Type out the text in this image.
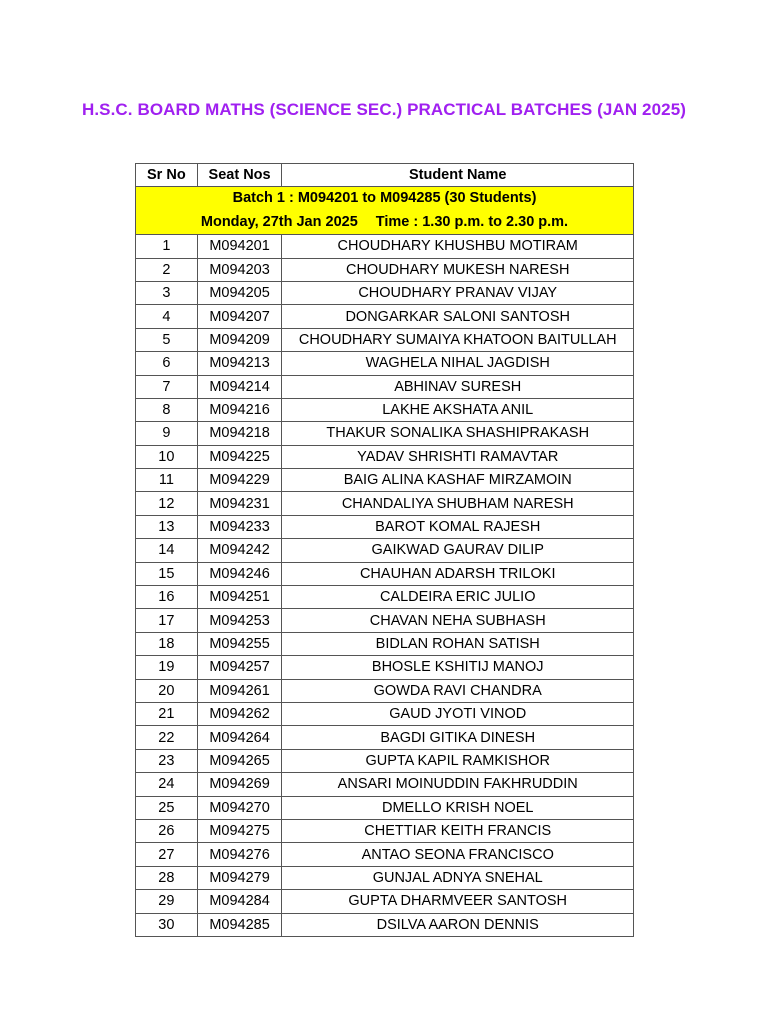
H.S.C. BOARD MATHS (SCIENCE SEC.) PRACTICAL BATCHES (JAN 2025)
Sr No	Seat Nos	Student Name

Batch 1 : M094201 to M094285 (30 Students)
Monday, 27th Jan 2025 Time : 1.30 p.m. to 2.30 p.m.		

1	M094201	CHOUDHARY KHUSHBU MOTIRAM
2	M094203	CHOUDHARY MUKESH NARESH
3	M094205	CHOUDHARY PRANAV VIJAY
4	M094207	DONGARKAR SALONI SANTOSH
5	M094209	CHOUDHARY SUMAIYA KHATOON BAITULLAH
6	M094213	WAGHELA NIHAL JAGDISH
7	M094214	ABHINAV SURESH
8	M094216	LAKHE AKSHATA ANIL
9	M094218	THAKUR SONALIKA SHASHIPRAKASH
10	M094225	YADAV SHRISHTI RAMAVTAR
11	M094229	BAIG ALINA KASHAF MIRZAMOIN
12	M094231	CHANDALIYA SHUBHAM NARESH
13	M094233	BAROT KOMAL RAJESH
14	M094242	GAIKWAD GAURAV DILIP
15	M094246	CHAUHAN ADARSH TRILOKI
16	M094251	CALDEIRA ERIC JULIO
17	M094253	CHAVAN NEHA SUBHASH
18	M094255	BIDLAN ROHAN SATISH
19	M094257	BHOSLE KSHITIJ MANOJ
20	M094261	GOWDA RAVI CHANDRA
21	M094262	GAUD JYOTI VINOD
22	M094264	BAGDI GITIKA DINESH
23	M094265	GUPTA KAPIL RAMKISHOR
24	M094269	ANSARI MOINUDDIN FAKHRUDDIN
25	M094270	DMELLO KRISH NOEL
26	M094275	CHETTIAR KEITH FRANCIS
27	M094276	ANTAO SEONA FRANCISCO
28	M094279	GUNJAL ADNYA SNEHAL
29	M094284	GUPTA DHARMVEER SANTOSH
30	M094285	DSILVA AARON DENNIS
